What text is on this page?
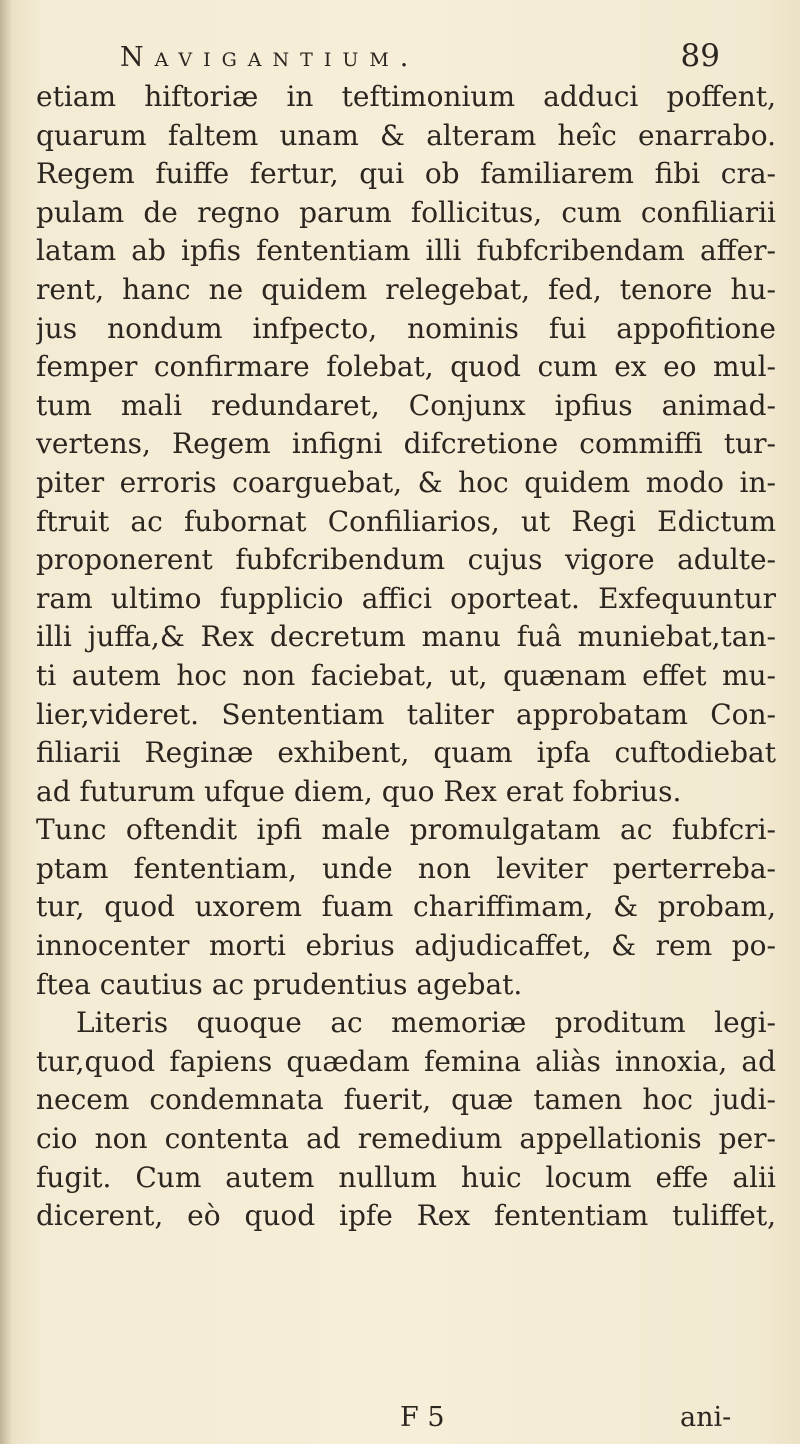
Navigantium.	89
etiam hiftoriæ in teftimonium adduci poffent,
quarum faltem unam & alteram heîc enarrabo.
Regem fuiffe fertur, qui ob familiarem fibi cra-
pulam de regno parum follicitus, cum confiliarii
latam ab ipfis fententiam illi fubfcribendam affer-
rent, hanc ne quidem relegebat, fed, tenore hu-
jus nondum infpecto, nominis fui appofitione
femper confirmare folebat, quod cum ex eo mul-
tum mali redundaret, Conjunx ipfius animad-
vertens, Regem infigni difcretione commiffi tur-
piter erroris coarguebat, & hoc quidem modo in-
ftruit ac fubornat Confiliarios, ut Regi Edictum
proponerent fubfcribendum cujus vigore adulte-
ram ultimo fupplicio affici oporteat. Exfequuntur
illi juffa,& Rex decretum manu fuâ muniebat,tan-
ti autem hoc non faciebat, ut, quænam effet mu-
lier,videret. Sententiam taliter approbatam Con-
filiarii Reginæ exhibent, quam ipfa cuftodiebat
ad futurum ufque diem, quo Rex erat fobrius.
Tunc oftendit ipfi male promulgatam ac fubfcri-
ptam fententiam, unde non leviter perterreba-
tur, quod uxorem fuam chariffimam, & probam,
innocenter morti ebrius adjudicaffet, & rem po-
ftea cautius ac prudentius agebat.
Literis quoque ac memoriæ proditum legi-
tur,quod fapiens quædam femina aliàs innoxia, ad
necem condemnata fuerit, quæ tamen hoc judi-
cio non contenta ad remedium appellationis per-
fugit. Cum autem nullum huic locum effe alii
dicerent, eò quod ipfe Rex fententiam tuliffet,
F 5	ani-
